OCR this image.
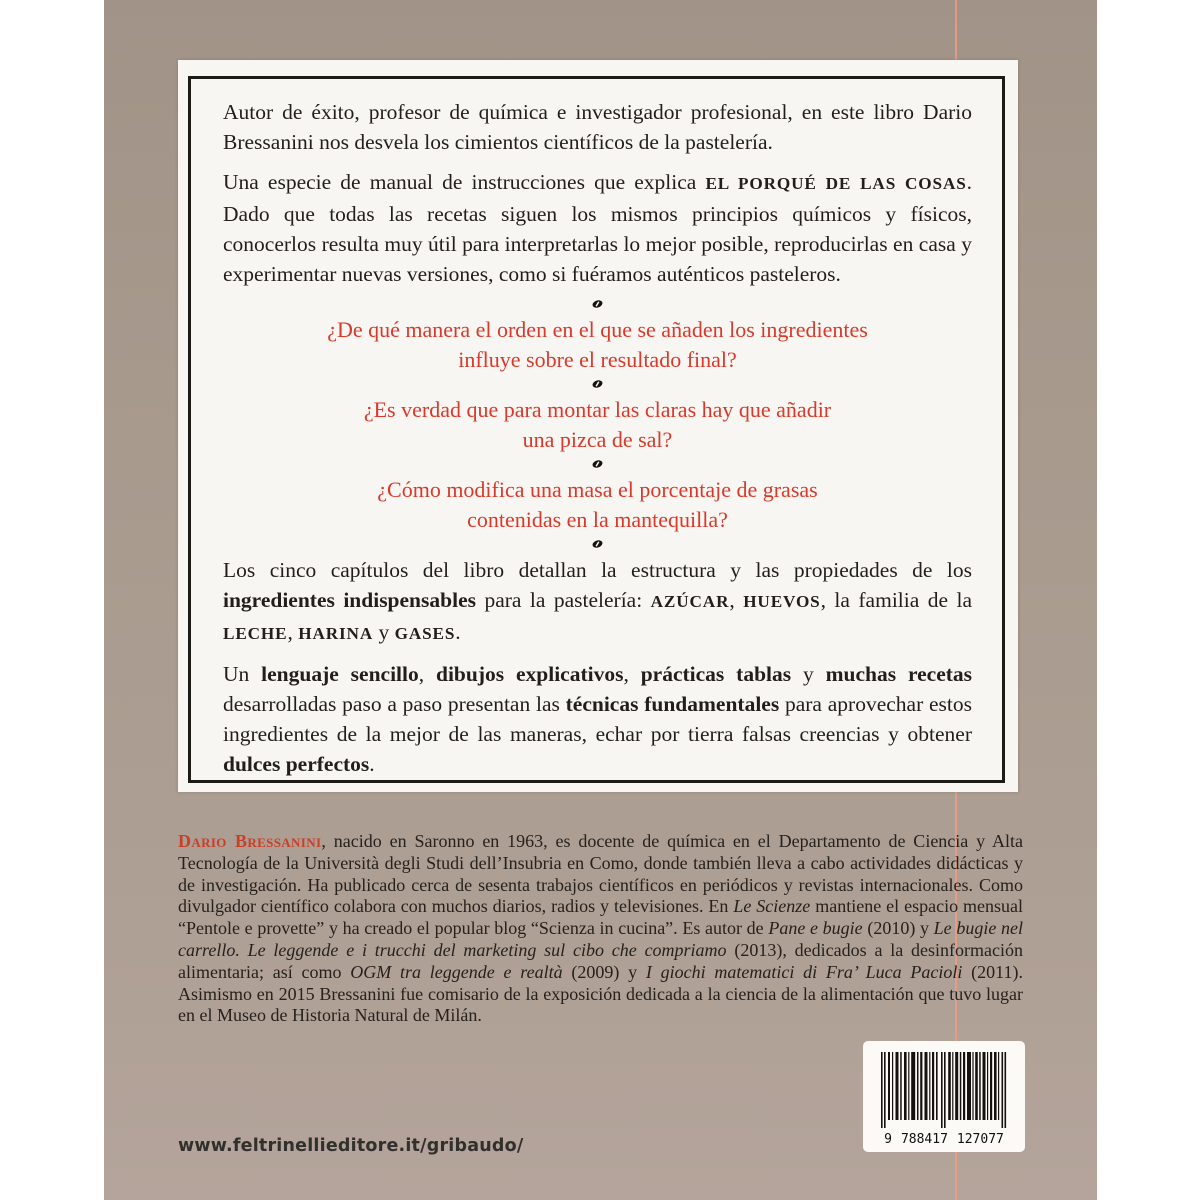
Autor de éxito, profesor de química e investigador profesional, en este libro Dario Bressanini nos desvela los cimientos científicos de la pastelería.

Una especie de manual de instrucciones que explica EL PORQUÉ DE LAS COSAS. Dado que todas las recetas siguen los mismos principios químicos y físicos, conocerlos resulta muy útil para interpretarlas lo mejor posible, reproducirlas en casa y experimentar nuevas versiones, como si fuéramos auténticos pasteleros.

¿De qué manera el orden en el que se añaden los ingredientes
influye sobre el resultado final?
¿Es verdad que para montar las claras hay que añadir
una pizca de sal?
¿Cómo modifica una masa el porcentaje de grasas
contenidas en la mantequilla?

Los cinco capítulos del libro detallan la estructura y las propiedades de los ingredientes indispensables para la pastelería: AZÚCAR, HUEVOS, la familia de la LECHE, HARINA y GASES.

Un lenguaje sencillo, dibujos explicativos, prácticas tablas y muchas recetas desarrolladas paso a paso presentan las técnicas fundamentales para aprovechar estos ingredientes de la mejor de las maneras, echar por tierra falsas creencias y obtener dulces perfectos.

Dario Bressanini, nacido en Saronno en 1963, es docente de química en el Departamento de Ciencia y Alta Tecnología de la Università degli Studi dell’Insubria en Como, donde también lleva a cabo actividades didácticas y de investigación. Ha publicado cerca de sesenta trabajos científicos en periódicos y revistas internacionales. Como divulgador científico colabora con muchos diarios, radios y televisiones. En Le Scienze mantiene el espacio mensual “Pentole e provette” y ha creado el popular blog “Scienza in cucina”. Es autor de Pane e bugie (2010) y Le bugie nel carrello. Le leggende e i trucchi del marketing sul cibo che compriamo (2013), dedicados a la desinformación alimentaria; así como OGM tra leggende e realtà (2009) y I giochi matematici di Fra’ Luca Pacioli (2011). Asimismo en 2015 Bressanini fue comisario de la exposición dedicada a la ciencia de la alimentación que tuvo lugar en el Museo de Historia Natural de Milán.
www.feltrinellieditore.it/gribaudo/	9 788417 127077
